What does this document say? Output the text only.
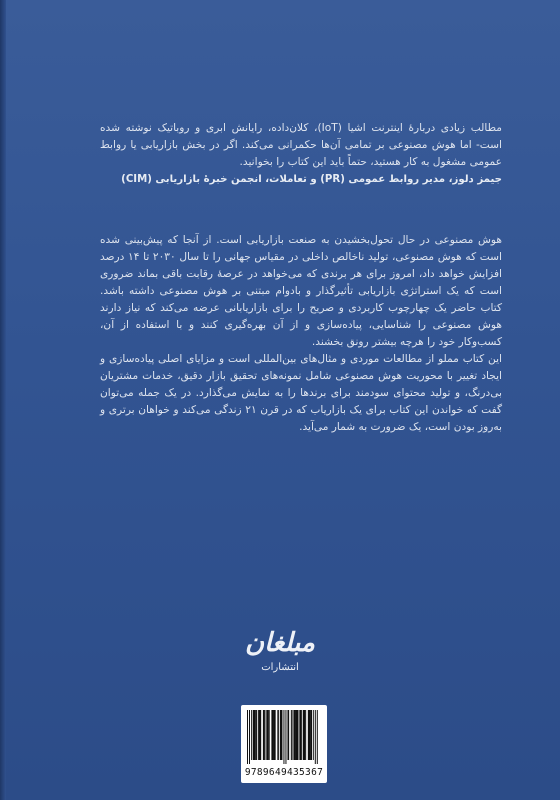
مطالب زیادی دربارهٔ اینترنت اشیا (IoT)، کلان‌داده، رایانش ابری و روباتیک نوشته شده است- اما هوش مصنوعی بر تمامی آن‌ها حکمرانی می‌کند. اگر در بخش بازاریابی یا روابط عمومی مشغول به کار هستید، حتماً باید این کتاب را بخوانید.

جیمز دلوز، مدیر روابط عمومی (PR) و تعاملات، انجمن خبرهٔ بازاریابی (CIM)

هوش مصنوعی در حال تحول‌بخشیدن به صنعت بازاریابی است. از آنجا که پیش‌بینی شده است که هوش مصنوعی، تولید ناخالص داخلی در مقیاس جهانی را تا سال ۲۰۳۰ تا ۱۴ درصد افزایش خواهد داد، امروز برای هر برندی که می‌خواهد در عرصهٔ رقابت باقی بماند ضروری است که یک استراتژی بازاریابی تأثیرگذار و بادوام مبتنی بر هوش مصنوعی داشته باشد. کتاب حاضر یک چهارچوب کاربردی و صریح را برای بازاریابانی عرضه می‌کند که نیاز دارند هوش مصنوعی را شناسایی، پیاده‌سازی و از آن بهره‌گیری کنند و با استفاده از آن، کسب‌وکار خود را هرچه بیشتر رونق بخشند.

این کتاب مملو از مطالعات موردی و مثال‌های بین‌المللی است و مزایای اصلی پیاده‌سازی و ایجاد تغییر با محوریت هوش مصنوعی شامل نمونه‌های تحقیق بازار دقیق، خدمات مشتریان بی‌درنگ، و تولید محتوای سودمند برای برندها را به نمایش می‌گذارد. در یک جمله می‌توان گفت که خواندن این کتاب برای یک بازاریاب که در قرن ۲۱ زندگی می‌کند و خواهان برتری و به‌روز بودن است، یک ضرورت به شمار می‌آید.

مبلغان
انتشارات
9789649435367
